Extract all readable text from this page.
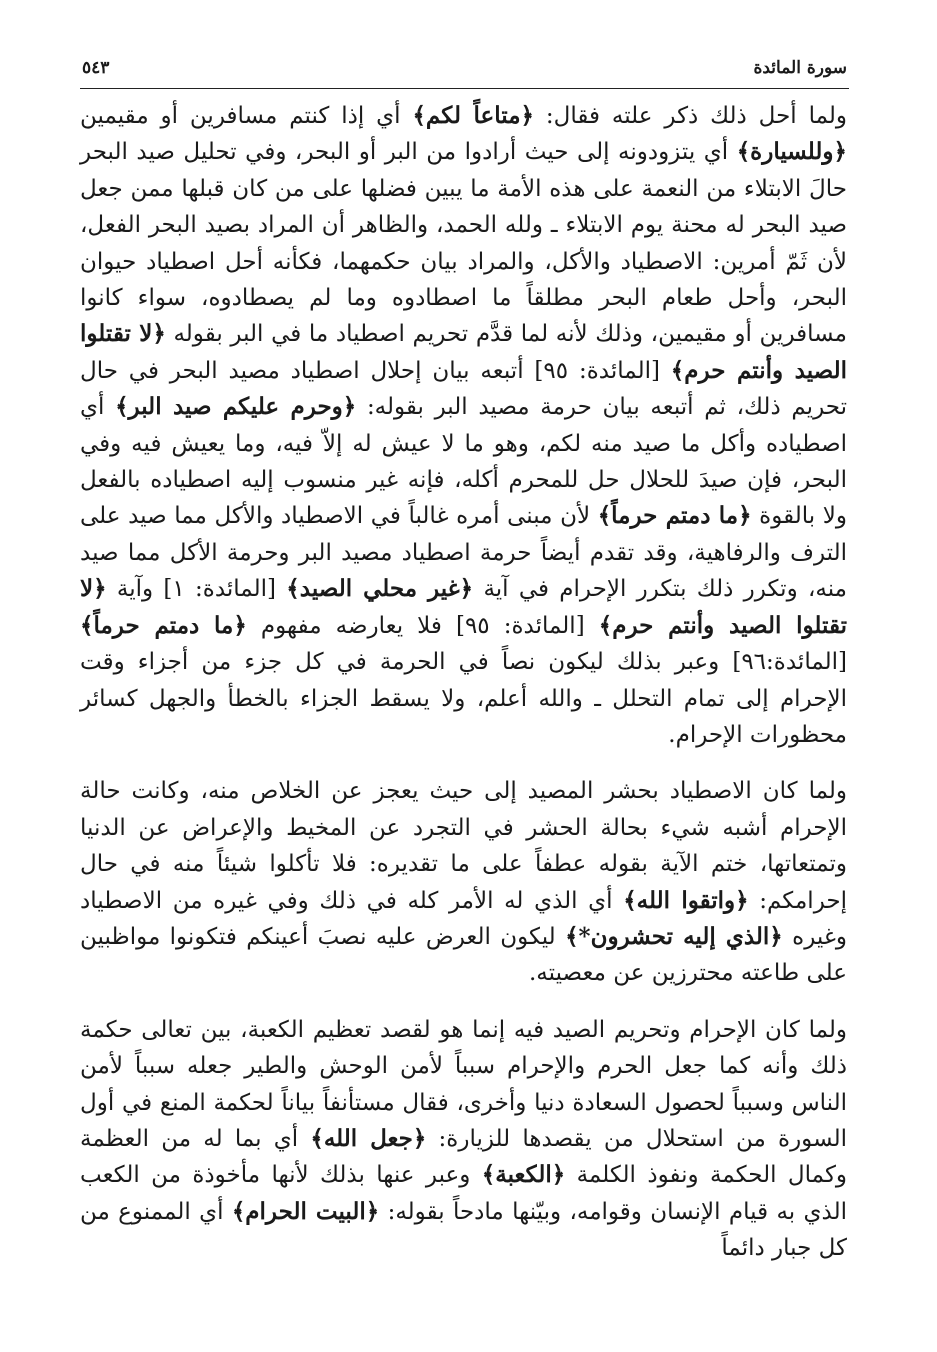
سورة المائدة
٥٤٣

ولما أحل ذلك ذكر علته فقال: ﴿متاعاً لكم﴾ أي إذا كنتم مسافرين أو مقيمين ﴿وللسيارة﴾ أي يتزودونه إلى حيث أرادوا من البر أو البحر، وفي تحليل صيد البحر حالَ الابتلاء من النعمة على هذه الأمة ما يبين فضلها على من كان قبلها ممن جعل صيد البحر له محنة يوم الابتلاء ـ ولله الحمد، والظاهر أن المراد بصيد البحر الفعل، لأن ثَمّ أمرين: الاصطياد والأكل، والمراد بيان حكمهما، فكأنه أحل اصطياد حيوان البحر، وأحل طعام البحر مطلقاً ما اصطادوه وما لم يصطادوه، سواء كانوا مسافرين أو مقيمين، وذلك لأنه لما قدَّم تحريم اصطياد ما في البر بقوله ﴿لا تقتلوا الصيد وأنتم حرم﴾ [المائدة: ٩٥] أتبعه بيان إحلال اصطياد مصيد البحر في حال تحريم ذلك، ثم أتبعه بيان حرمة مصيد البر بقوله: ﴿وحرم عليكم صيد البر﴾ أي اصطياده وأكل ما صيد منه لكم، وهو ما لا عيش له إلاّ فيه، وما يعيش فيه وفي البحر، فإن صيدَ للحلال حل للمحرم أكله، فإنه غير منسوب إليه اصطياده بالفعل ولا بالقوة ﴿ما دمتم حرماً﴾ لأن مبنى أمره غالباً في الاصطياد والأكل مما صيد على الترف والرفاهية، وقد تقدم أيضاً حرمة اصطياد مصيد البر وحرمة الأكل مما صيد منه، وتكرر ذلك بتكرر الإحرام في آية ﴿غير محلي الصيد﴾ [المائدة: ١] وآية ﴿لا تقتلوا الصيد وأنتم حرم﴾ [المائدة: ٩٥] فلا يعارضه مفهوم ﴿ما دمتم حرماً﴾ [المائدة:٩٦] وعبر بذلك ليكون نصاً في الحرمة في كل جزء من أجزاء وقت الإحرام إلى تمام التحلل ـ والله أعلم، ولا يسقط الجزاء بالخطأ والجهل كسائر محظورات الإحرام.

ولما كان الاصطياد بحشر المصيد إلى حيث يعجز عن الخلاص منه، وكانت حالة الإحرام أشبه شيء بحالة الحشر في التجرد عن المخيط والإعراض عن الدنيا وتمتعاتها، ختم الآية بقوله عطفاً على ما تقديره: فلا تأكلوا شيئاً منه في حال إحرامكم: ﴿واتقوا الله﴾ أي الذي له الأمر كله في ذلك وفي غيره من الاصطياد وغيره ﴿الذي إليه تحشرون*﴾ ليكون العرض عليه نصبَ أعينكم فتكونوا مواظبين على طاعته محترزين عن معصيته.

ولما كان الإحرام وتحريم الصيد فيه إنما هو لقصد تعظيم الكعبة، بين تعالى حكمة ذلك وأنه كما جعل الحرم والإحرام سبباً لأمن الوحش والطير جعله سبباً لأمن الناس وسبباً لحصول السعادة دنيا وأخرى، فقال مستأنفاً بياناً لحكمة المنع في أول السورة من استحلال من يقصدها للزيارة: ﴿جعل الله﴾ أي بما له من العظمة وكمال الحكمة ونفوذ الكلمة ﴿الكعبة﴾ وعبر عنها بذلك لأنها مأخوذة من الكعب الذي به قيام الإنسان وقوامه، وبيّنها مادحاً بقوله: ﴿البيت الحرام﴾ أي الممنوع من كل جبار دائماً
